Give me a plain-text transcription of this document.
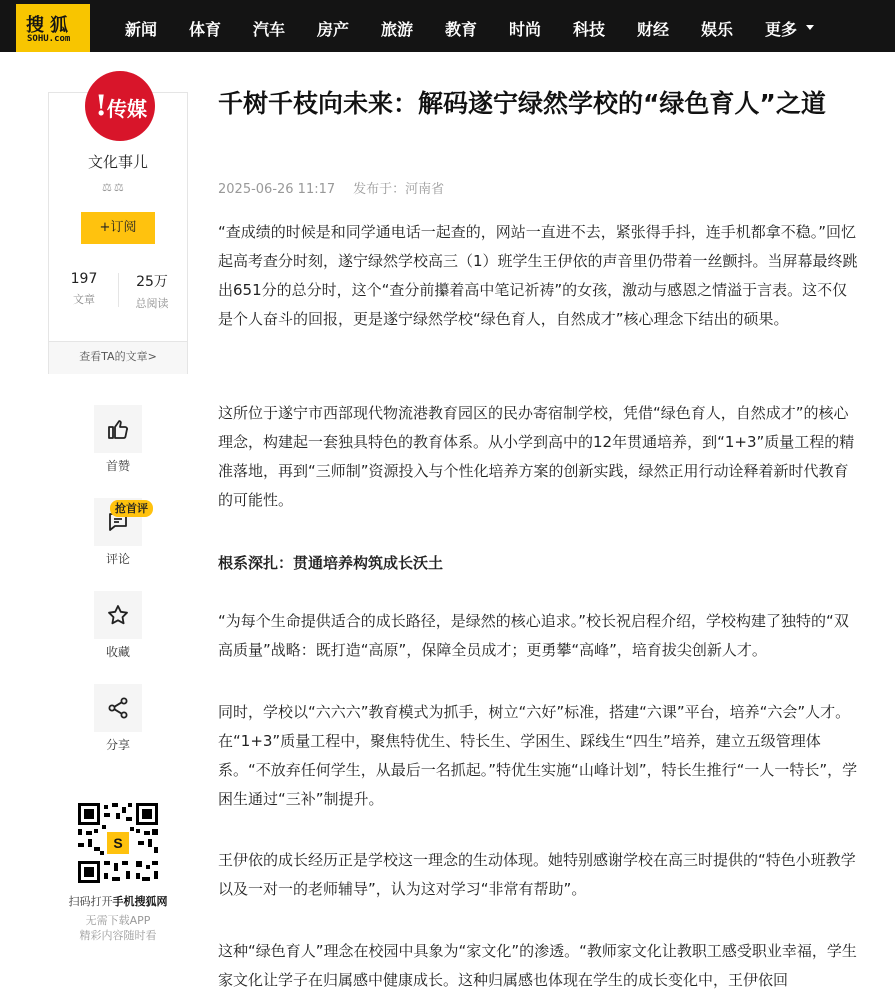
搜狐
SOHU.com	新闻 体育 汽车 房产 旅游 教育 时尚 科技 财经 娱乐 更多
! 传媒
文化事儿
⚖⚖
+订阅
197
文章
25万
总阅读
查看TA的文章>
首赞
抢首评
评论
收藏
分享
S
扫码打开手机搜狐网
无需下载APP
精彩内容随时看
千树千枝向未来：解码遂宁绿然学校的“绿色育人”之道
2025-06-26 11:17 发布于：河南省

“查成绩的时候是和同学通电话一起查的，网站一直进不去，紧张得手抖，连手机都拿不稳。”回忆起高考查分时刻，遂宁绿然学校高三（1）班学生王伊依的声音里仍带着一丝颤抖。当屏幕最终跳出651分的总分时，这个“查分前攥着高中笔记祈祷”的女孩，激动与感恩之情溢于言表。这不仅是个人奋斗的回报，更是遂宁绿然学校“绿色育人，自然成才”核心理念下结出的硕果。

这所位于遂宁市西部现代物流港教育园区的民办寄宿制学校，凭借“绿色育人，自然成才”的核心理念，构建起一套独具特色的教育体系。从小学到高中的12年贯通培养，到“1+3”质量工程的精准落地，再到“三师制”资源投入与个性化培养方案的创新实践，绿然正用行动诠释着新时代教育的可能性。

根系深扎：贯通培养构筑成长沃土

“为每个生命提供适合的成长路径，是绿然的核心追求。”校长祝启程介绍，学校构建了独特的“双高质量”战略：既打造“高原”，保障全员成才；更勇攀“高峰”，培育拔尖创新人才。

同时，学校以“六六六”教育模式为抓手，树立“六好”标准，搭建“六课”平台，培养“六会”人才。在“1+3”质量工程中，聚焦特优生、特长生、学困生、踩线生“四生”培养，建立五级管理体系。“不放弃任何学生，从最后一名抓起。”特优生实施“山峰计划”，特长生推行“一人一特长”，学困生通过“三补”制提升。

王伊依的成长经历正是学校这一理念的生动体现。她特别感谢学校在高三时提供的“特色小班教学以及一对一的老师辅导”，认为这对学习“非常有帮助”。

这种“绿色育人”理念在校园中具象为“家文化”的渗透。“教师家文化让教职工感受职业幸福，学生家文化让学子在归属感中健康成长。这种归属感也体现在学生的成长变化中，王伊依回
